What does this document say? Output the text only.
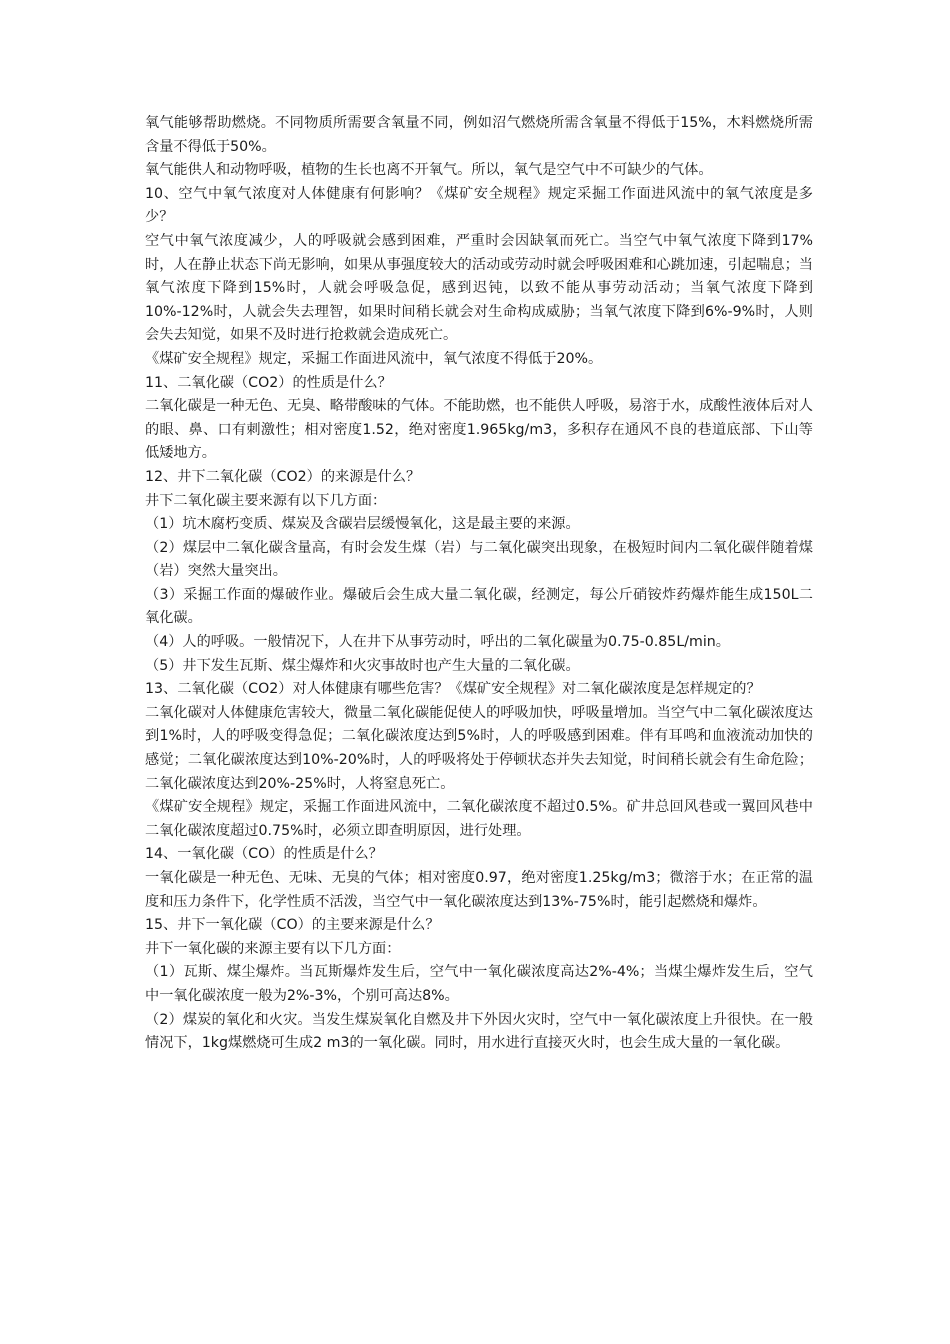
氧气能够帮助燃烧。不同物质所需要含氧量不同，例如沼气燃烧所需含氧量不得低于15%，木料燃烧所需含量不得低于50%。

氧气能供人和动物呼吸，植物的生长也离不开氧气。所以，氧气是空气中不可缺少的气体。

10、空气中氧气浓度对人体健康有何影响？《煤矿安全规程》规定采掘工作面进风流中的氧气浓度是多少？

空气中氧气浓度减少，人的呼吸就会感到困难，严重时会因缺氧而死亡。当空气中氧气浓度下降到17%时，人在静止状态下尚无影响，如果从事强度较大的活动或劳动时就会呼吸困难和心跳加速，引起喘息；当氧气浓度下降到15%时，人就会呼吸急促，感到迟钝，以致不能从事劳动活动；当氧气浓度下降到10%-12%时，人就会失去理智，如果时间稍长就会对生命构成威胁；当氧气浓度下降到6%-9%时，人则会失去知觉，如果不及时进行抢救就会造成死亡。

《煤矿安全规程》规定，采掘工作面进风流中，氧气浓度不得低于20%。

11、二氧化碳（CO2）的性质是什么？

二氧化碳是一种无色、无臭、略带酸味的气体。不能助燃，也不能供人呼吸，易溶于水，成酸性液体后对人的眼、鼻、口有刺激性；相对密度1.52，绝对密度1.965kg/m3，多积存在通风不良的巷道底部、下山等低矮地方。

12、井下二氧化碳（CO2）的来源是什么？

井下二氧化碳主要来源有以下几方面：

（1）坑木腐朽变质、煤炭及含碳岩层缓慢氧化，这是最主要的来源。

（2）煤层中二氧化碳含量高，有时会发生煤（岩）与二氧化碳突出现象，在极短时间内二氧化碳伴随着煤（岩）突然大量突出。

（3）采掘工作面的爆破作业。爆破后会生成大量二氧化碳，经测定，每公斤硝铵炸药爆炸能生成150L二氧化碳。

（4）人的呼吸。一般情况下，人在井下从事劳动时，呼出的二氧化碳量为0.75-0.85L/min。

（5）井下发生瓦斯、煤尘爆炸和火灾事故时也产生大量的二氧化碳。

13、二氧化碳（CO2）对人体健康有哪些危害？《煤矿安全规程》对二氧化碳浓度是怎样规定的？

二氧化碳对人体健康危害较大，微量二氧化碳能促使人的呼吸加快，呼吸量增加。当空气中二氧化碳浓度达到1%时，人的呼吸变得急促；二氧化碳浓度达到5%时，人的呼吸感到困难。伴有耳鸣和血液流动加快的感觉；二氧化碳浓度达到10%-20%时，人的呼吸将处于停顿状态并失去知觉，时间稍长就会有生命危险；二氧化碳浓度达到20%-25%时，人将窒息死亡。

《煤矿安全规程》规定，采掘工作面进风流中，二氧化碳浓度不超过0.5%。矿井总回风巷或一翼回风巷中二氧化碳浓度超过0.75%时，必须立即查明原因，进行处理。

14、一氧化碳（CO）的性质是什么？

一氧化碳是一种无色、无味、无臭的气体；相对密度0.97，绝对密度1.25kg/m3；微溶于水；在正常的温度和压力条件下，化学性质不活泼，当空气中一氧化碳浓度达到13%-75%时，能引起燃烧和爆炸。

15、井下一氧化碳（CO）的主要来源是什么？

井下一氧化碳的来源主要有以下几方面：

（1）瓦斯、煤尘爆炸。当瓦斯爆炸发生后，空气中一氧化碳浓度高达2%-4%；当煤尘爆炸发生后，空气中一氧化碳浓度一般为2%-3%，个别可高达8%。

（2）煤炭的氧化和火灾。当发生煤炭氧化自燃及井下外因火灾时，空气中一氧化碳浓度上升很快。在一般情况下，1kg煤燃烧可生成2 m3的一氧化碳。同时，用水进行直接灭火时，也会生成大量的一氧化碳。
